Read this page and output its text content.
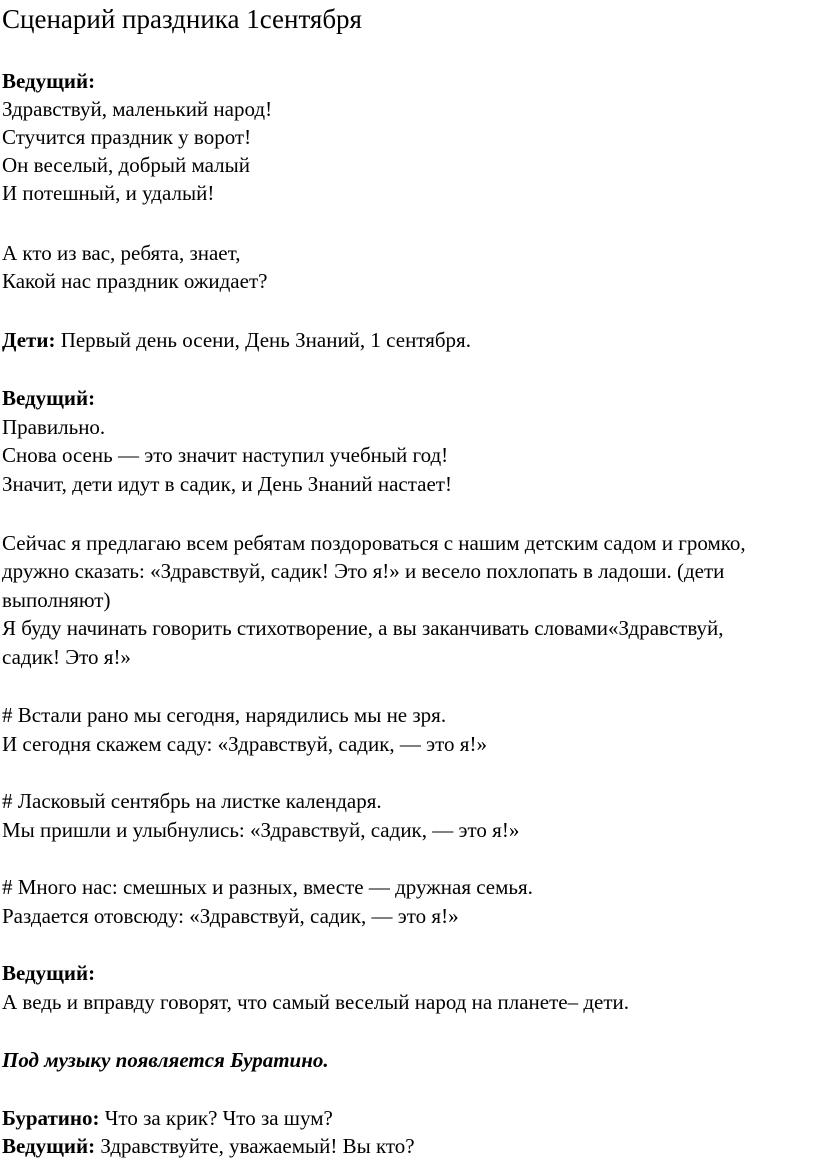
Сценарий праздника 1сентября
Ведущий:
Здравствуй, маленький народ!
Стучится праздник у ворот!
Он веселый, добрый малый
И потешный, и удалый!
А кто из вас, ребята, знает,
Какой нас праздник ожидает?
Дети: Первый день осени, День Знаний, 1 сентября.
Ведущий:
Правильно.
Снова осень — это значит наступил учебный год!
Значит, дети идут в садик, и День Знаний настает!
Сейчас я предлагаю всем ребятам поздороваться с нашим детским садом и громко,
дружно сказать: «Здравствуй, садик! Это я!» и весело похлопать в ладоши. (дети
выполняют)
Я буду начинать говорить стихотворение, а вы заканчивать словами«Здравствуй,
садик! Это я!»
# Встали рано мы сегодня, нарядились мы не зря.
И сегодня скажем саду: «Здравствуй, садик, — это я!»
# Ласковый сентябрь на листке календаря.
Мы пришли и улыбнулись: «Здравствуй, садик, — это я!»
# Много нас: смешных и разных, вместе — дружная семья.
Раздается отовсюду: «Здравствуй, садик, — это я!»
Ведущий:
А ведь и вправду говорят, что самый веселый народ на планете– дети.
Под музыку появляется Буратино.
Буратино: Что за крик? Что за шум?
Ведущий: Здравствуйте, уважаемый! Вы кто?
